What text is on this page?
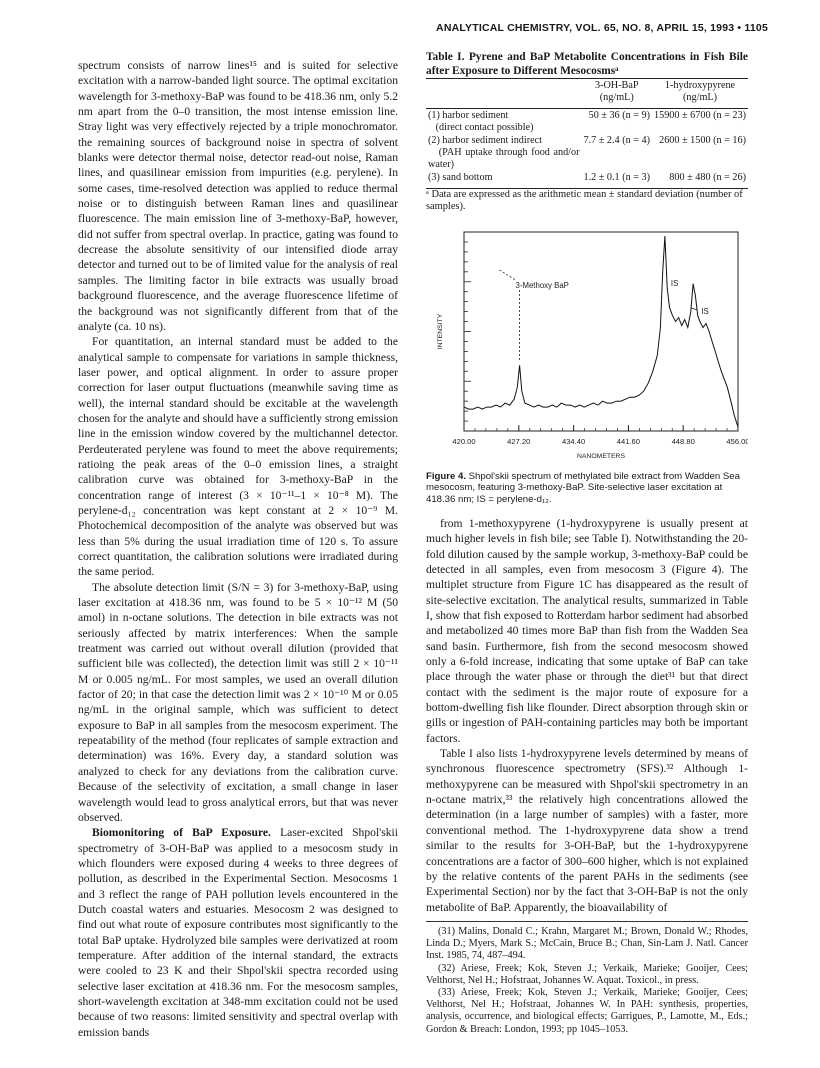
ANALYTICAL CHEMISTRY, VOL. 65, NO. 8, APRIL 15, 1993 • 1105

spectrum consists of narrow lines¹⁵ and is suited for selective excitation with a narrow-banded light source. The optimal excitation wavelength for 3-methoxy-BaP was found to be 418.36 nm, only 5.2 nm apart from the 0–0 transition, the most intense emission line. Stray light was very effectively rejected by a triple monochromator. the remaining sources of background noise in spectra of solvent blanks were detector thermal noise, detector read-out noise, Raman lines, and quasilinear emission from impurities (e.g. perylene). In some cases, time-resolved detection was applied to reduce thermal noise or to distinguish between Raman lines and quasilinear fluorescence. The main emission line of 3-methoxy-BaP, however, did not suffer from spectral overlap. In practice, gating was found to decrease the absolute sensitivity of our intensified diode array detector and turned out to be of limited value for the analysis of real samples. The limiting factor in bile extracts was usually broad background fluorescence, and the average fluorescence lifetime of the background was not significantly different from that of the analyte (ca. 10 ns).

For quantitation, an internal standard must be added to the analytical sample to compensate for variations in sample thickness, laser power, and optical alignment. In order to assure proper correction for laser output fluctuations (meanwhile saving time as well), the internal standard should be excitable at the wavelength chosen for the analyte and should have a sufficiently strong emission line in the emission window covered by the multichannel detector. Perdeuterated perylene was found to meet the above requirements; ratioing the peak areas of the 0–0 emission lines, a straight calibration curve was obtained for 3-methoxy-BaP in the concentration range of interest (3 × 10⁻¹¹–1 × 10⁻⁸ M). The perylene-d₁₂ concentration was kept constant at 2 × 10⁻⁹ M. Photochemical decomposition of the analyte was observed but was less than 5% during the usual irradiation time of 120 s. To assure correct quantitation, the calibration solutions were irradiated during the same period.

The absolute detection limit (S/N = 3) for 3-methoxy-BaP, using laser excitation at 418.36 nm, was found to be 5 × 10⁻¹² M (50 amol) in n-octane solutions. The detection in bile extracts was not seriously affected by matrix interferences: When the sample treatment was carried out without overall dilution (provided that sufficient bile was collected), the detection limit was still 2 × 10⁻¹¹ M or 0.005 ng/mL. For most samples, we used an overall dilution factor of 20; in that case the detection limit was 2 × 10⁻¹⁰ M or 0.05 ng/mL in the original sample, which was sufficient to detect exposure to BaP in all samples from the mesocosm experiment. The repeatability of the method (four replicates of sample extraction and determination) was 16%. Every day, a standard solution was analyzed to check for any deviations from the calibration curve. Because of the selectivity of excitation, a small change in laser wavelength would lead to gross analytical errors, but that was never observed.

Biomonitoring of BaP Exposure. Laser-excited Shpol'skii spectrometry of 3-OH-BaP was applied to a mesocosm study in which flounders were exposed during 4 weeks to three degrees of pollution, as described in the Experimental Section. Mesocosms 1 and 3 reflect the range of PAH pollution levels encountered in the Dutch coastal waters and estuaries. Mesocosm 2 was designed to find out what route of exposure contributes most significantly to the total BaP uptake. Hydrolyzed bile samples were derivatized at room temperature. After addition of the internal standard, the extracts were cooled to 23 K and their Shpol'skii spectra recorded using selective laser excitation at 418.36 nm. For the mesocosm samples, short-wavelength excitation at 348-mm excitation could not be used because of two reasons: limited sensitivity and spectral overlap with emission bands

Table I. Pyrene and BaP Metabolite Concentrations in Fish Bile after Exposure to Different Mesocosmsᵃ

	3-OH-BaP
(ng/mL)	1-hydroxypyrene
(ng/mL)

(1) harbor sediment
(direct contact possible)	50 ± 36 (n = 9)	15900 ± 6700 (n = 23)
(2) harbor sediment indirect
(PAH uptake through food and/or water)	7.7 ± 2.4 (n = 4)	2600 ± 1500 (n = 16)
(3) sand bottom	1.2 ± 0.1 (n = 3)	800 ± 480 (n = 26)

ᵃ Data are expressed as the arithmetic mean ± standard deviation (number of samples).

420.00	427.20	434.40	441.60	448.80	456.00
NANOMETERS
INTENSITY
3-Methoxy BaP	IS
IS

Figure 4. Shpol'skii spectrum of methylated bile extract from Wadden Sea mesocosm, featuring 3-methoxy-BaP. Site-selective laser excitation at 418.36 nm; IS = perylene-d₁₂.

from 1-methoxypyrene (1-hydroxypyrene is usually present at much higher levels in fish bile; see Table I). Notwithstanding the 20-fold dilution caused by the sample workup, 3-methoxy-BaP could be detected in all samples, even from mesocosm 3 (Figure 4). The multiplet structure from Figure 1C has disappeared as the result of site-selective excitation. The analytical results, summarized in Table I, show that fish exposed to Rotterdam harbor sediment had absorbed and metabolized 40 times more BaP than fish from the Wadden Sea sand basin. Furthermore, fish from the second mesocosm showed only a 6-fold increase, indicating that some uptake of BaP can take place through the water phase or through the diet³¹ but that direct contact with the sediment is the major route of exposure for a bottom-dwelling fish like flounder. Direct absorption through skin or gills or ingestion of PAH-containing particles may both be important factors.

Table I also lists 1-hydroxypyrene levels determined by means of synchronous fluorescence spectrometry (SFS).³² Although 1-methoxypyrene can be measured with Shpol'skii spectrometry in an n-octane matrix,³³ the relatively high concentrations allowed the determination (in a large number of samples) with a faster, more conventional method. The 1-hydroxypyrene data show a trend similar to the results for 3-OH-BaP, but the 1-hydroxypyrene concentrations are a factor of 300–600 higher, which is not explained by the relative contents of the parent PAHs in the sediments (see Experimental Section) nor by the fact that 3-OH-BaP is not the only metabolite of BaP. Apparently, the bioavailability of

(31) Malins, Donald C.; Krahn, Margaret M.; Brown, Donald W.; Rhodes, Linda D.; Myers, Mark S.; McCain, Bruce B.; Chan, Sin-Lam J. Natl. Cancer Inst. 1985, 74, 487–494.

(32) Ariese, Freek; Kok, Steven J.; Verkaik, Marieke; Gooijer, Cees; Velthorst, Nel H.; Hofstraat, Johannes W. Aquat. Toxicol., in press.

(33) Ariese, Freek; Kok, Steven J.; Verkaik, Marieke; Gooijer, Cees; Velthorst, Nel H.; Hofstraat, Johannes W. In PAH: synthesis, properties, analysis, occurrence, and biological effects; Garrigues, P., Lamotte, M., Eds.; Gordon & Breach: London, 1993; pp 1045–1053.
